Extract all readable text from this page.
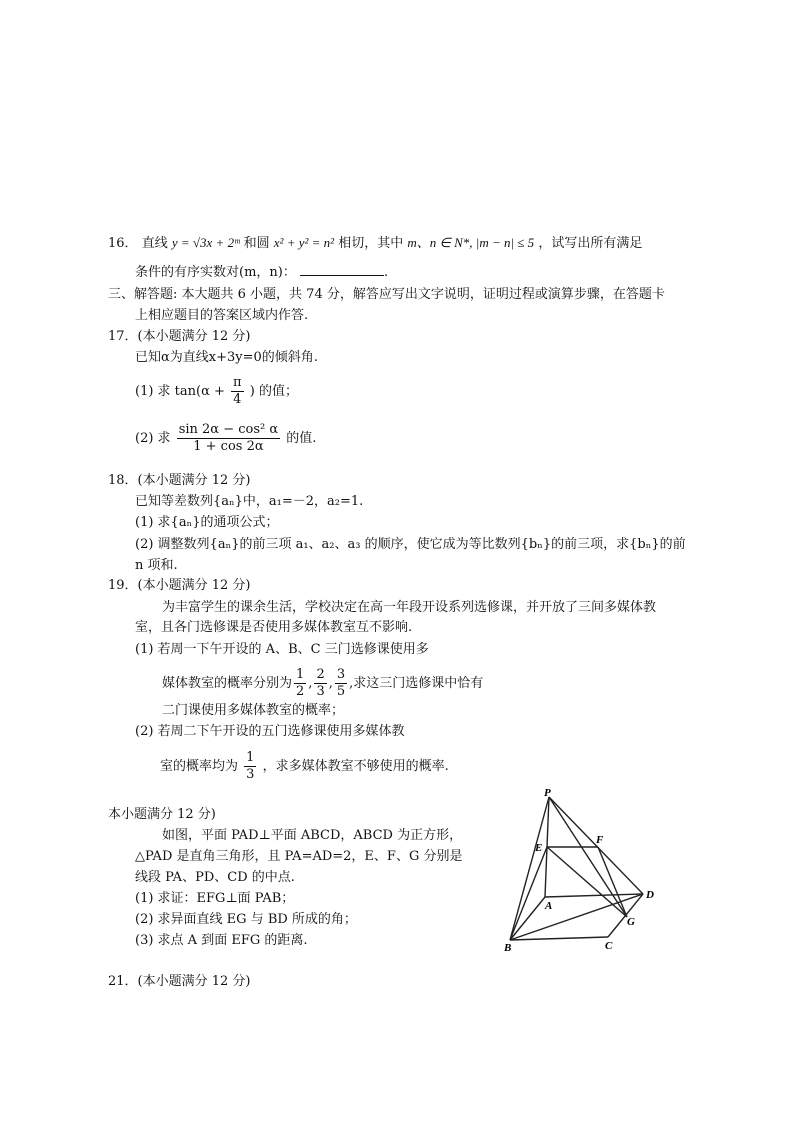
16． 直线 y = √3x + 2ᵐ 和圆 x² + y² = n² 相切，其中 m、n ∈ N*, |m − n| ≤ 5 ，试写出所有满足
条件的有序实数对(m，n)：	.
三、解答题: 本大题共 6 小题，共 74 分，解答应写出文字说明，证明过程或演算步骤，在答题卡
上相应题目的答案区域内作答.
17．(本小题满分 12 分)
已知α为直线x+3y=0的倾斜角.
(1) 求 $\tan(\alpha + \frac{\pi}{4}$ ) 的值；
(2) 求 $\frac{\text{sin 2α − cos² α}}{1 + \cos 2\alpha}$ 的值.
18．(本小题满分 12 分)
已知等差数列{aₙ}中，a₁=－2，a₂=1.
(1) 求{aₙ}的通项公式；
(2) 调整数列{aₙ}的前三项 a₁、a₂、a₃ 的顺序，使它成为等比数列{bₙ}的前三项，求{bₙ}的前
n 项和.
19．(本小题满分 12 分)
为丰富学生的课余生活，学校决定在高一年段开设系列选修课，并开放了三间多媒体教
室，且各门选修课是否使用多媒体教室互不影响.
(1) 若周一下午开设的 A、B、C 三门选修课使用多
媒体教室的概率分别为 $\frac{1}{2}$ , $\frac{2}{3}$ , $\frac{3}{5}$ ,求这三门选修课中恰有
二门课使用多媒体教室的概率；
(2) 若周二下午开设的五门选修课使用多媒体教
室的概率均为 $\frac{1}{3}$ ，求多媒体教室不够使用的概率.
本小题满分 12 分)
如图，平面 PAD⊥平面 ABCD，ABCD 为正方形，
△PAD 是直角三角形，且 PA=AD=2，E、F、G 分别是
线段 PA、PD、CD 的中点.
(1) 求证：EFG⊥面 PAB；
(2) 求异面直线 EG 与 BD 所成的角；
(3) 求点 A 到面 EFG 的距离.
P
E
F
A
D
G
B	C
21．(本小题满分 12 分)
